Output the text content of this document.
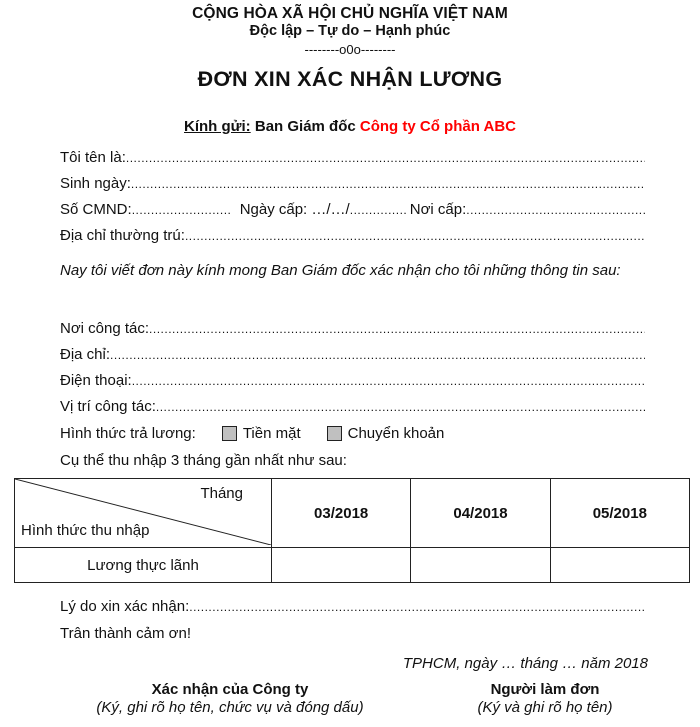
CỘNG HÒA XÃ HỘI CHỦ NGHĨA VIỆT NAM
Độc lập – Tự do – Hạnh phúc
--------o0o--------
ĐƠN XIN XÁC NHẬN LƯƠNG
Kính gửi: Ban Giám đốc Công ty Cổ phần ABC
Tôi tên là:
.....
Sinh ngày:
.....
Số CMND: .....	Ngày cấp: …/…/ .....	Nơi cấp:
.....
Địa chỉ thường trú:
.....
Nay tôi viết đơn này kính mong Ban Giám đốc xác nhận cho tôi những thông tin sau:
Nơi công tác:
.....
Địa chỉ:
.....
Điện thoại:
.....
Vị trí công tác:
.....
Hình thức trả lương:	Tiền mặt	Chuyển khoản
Cụ thể thu nhập 3 tháng gần nhất như sau:
Tháng
Hình thức thu nhập	03/2018	04/2018	05/2018
Lương thực lãnh			
Lý do xin xác nhận:
.....
Trân thành cảm ơn!
TPHCM, ngày … tháng … năm 2018
Xác nhận của Công ty
(Ký, ghi rõ họ tên, chức vụ và đóng dấu)
Người làm đơn
(Ký và ghi rõ họ tên)
